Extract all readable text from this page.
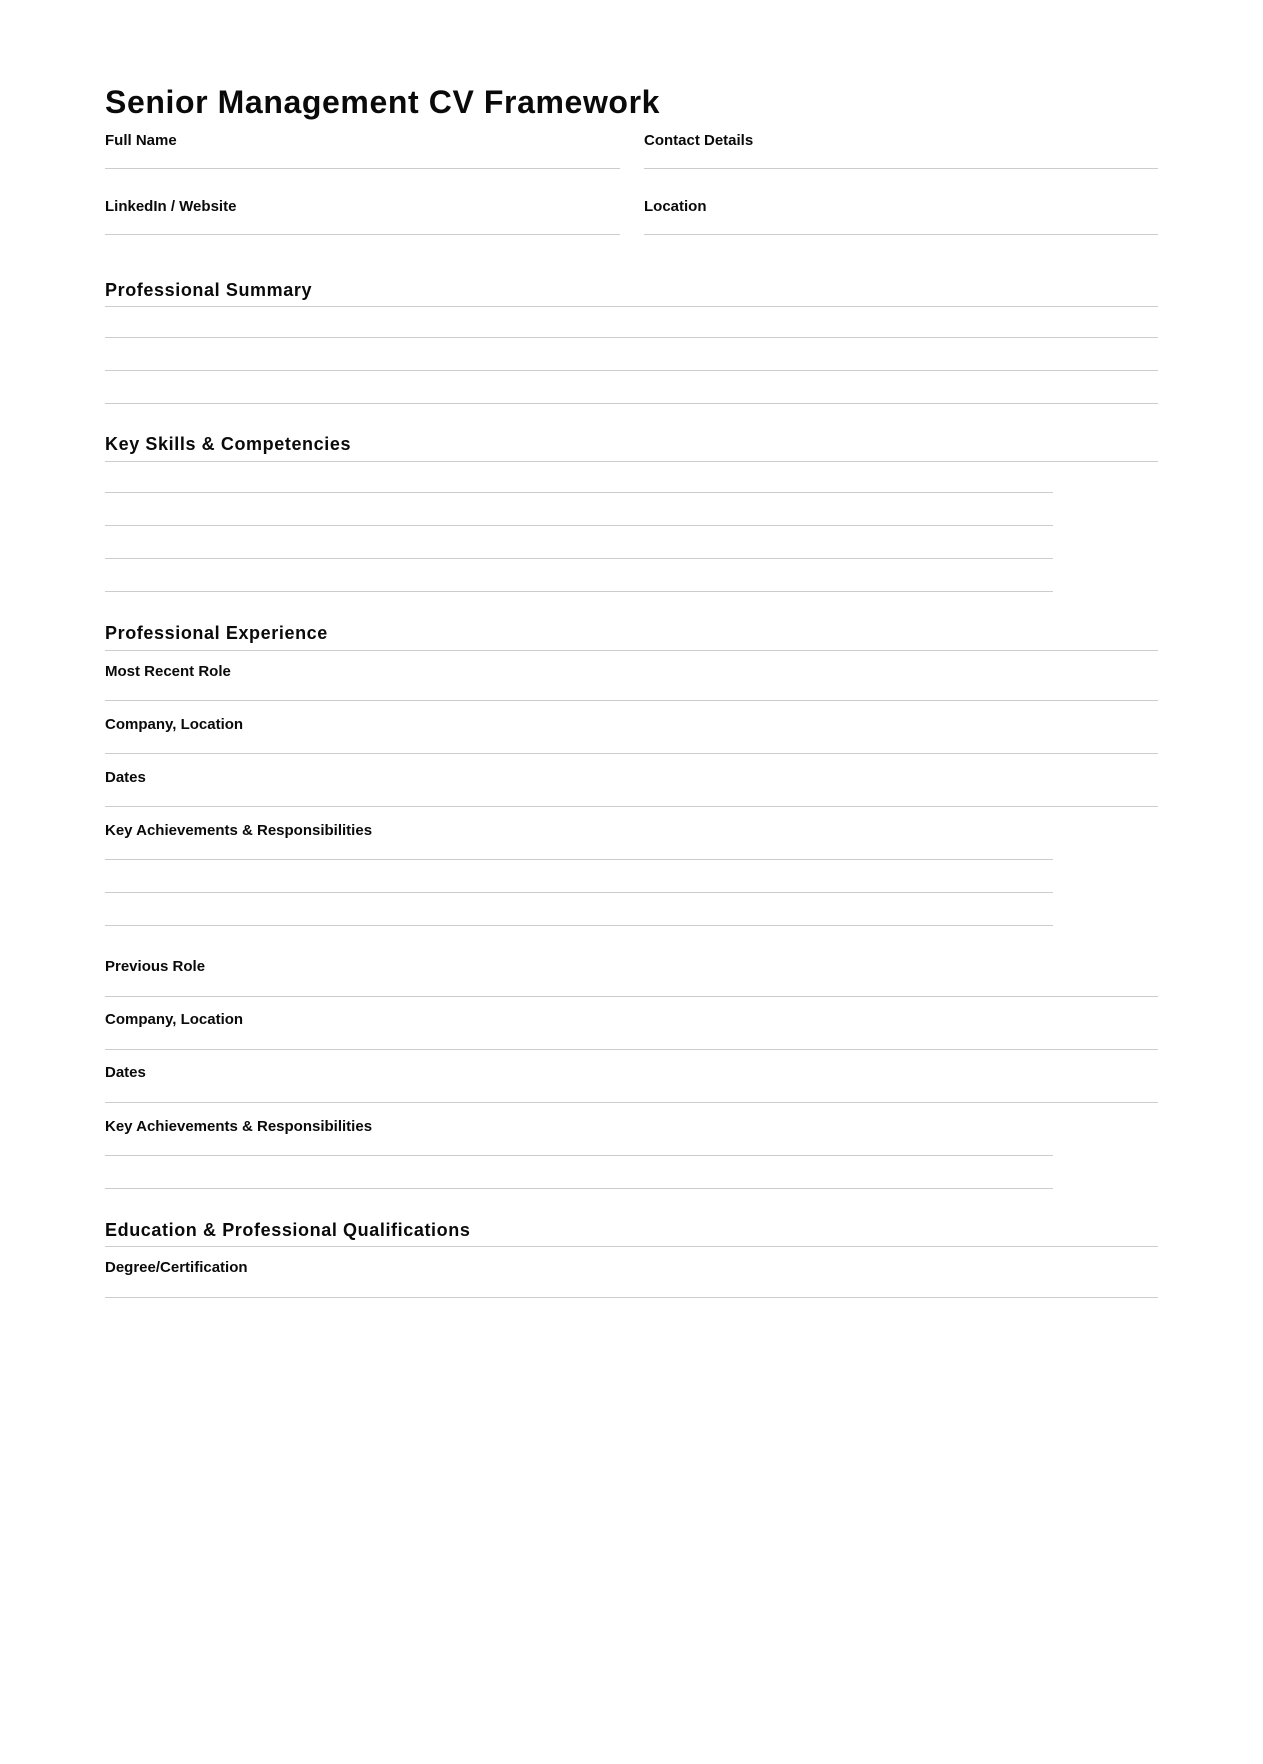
Senior Management CV Framework
Full Name	Contact Details
LinkedIn / Website	Location
Professional Summary
Key Skills & Competencies
Professional Experience
Most Recent Role
Company, Location
Dates
Key Achievements & Responsibilities
Previous Role
Company, Location
Dates
Key Achievements & Responsibilities
Education & Professional Qualifications
Degree/Certification
